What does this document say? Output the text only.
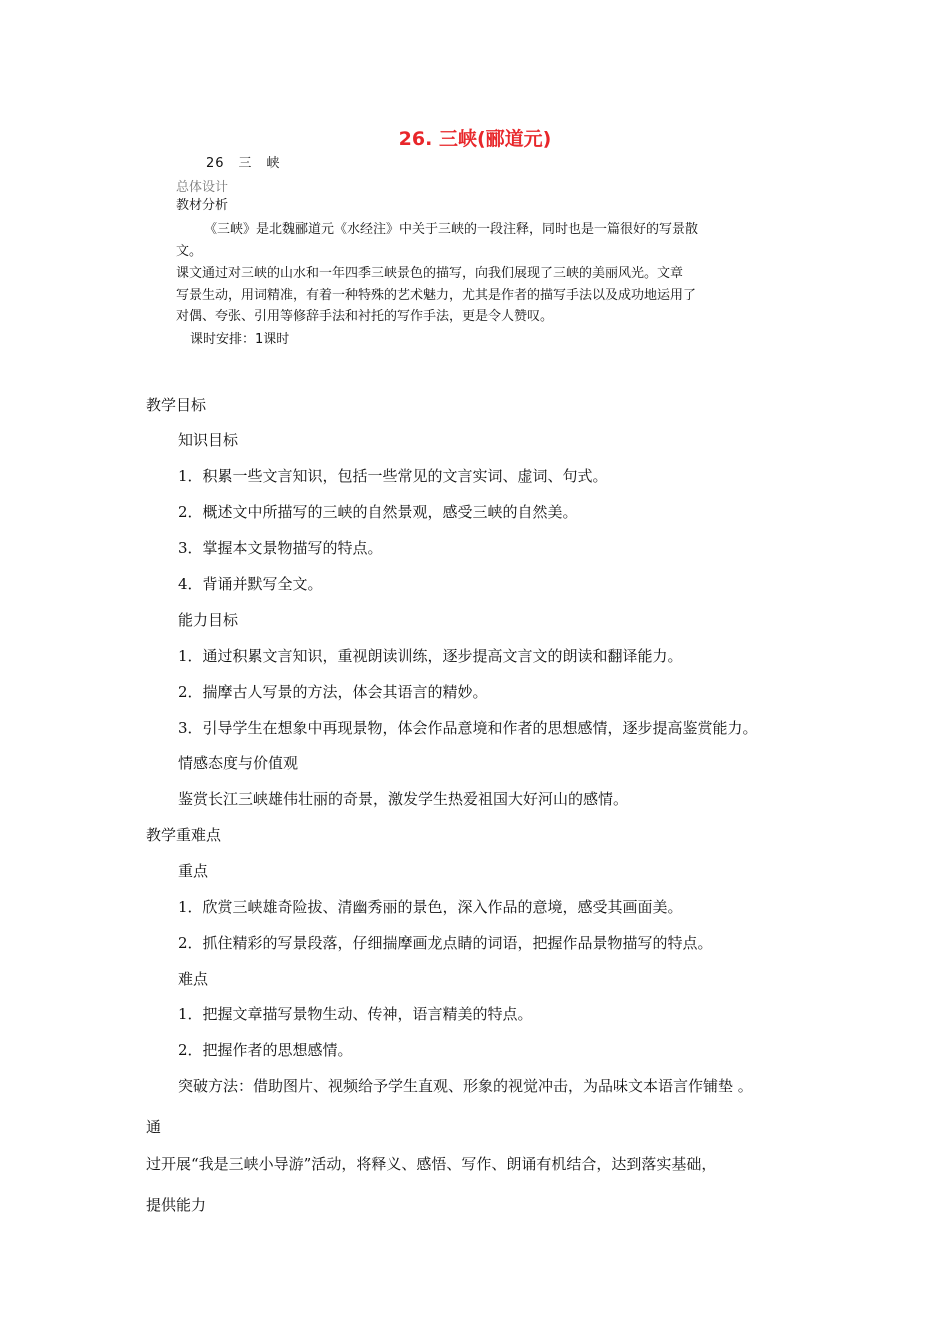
26. 三峡(郦道元)
26　三　峡
总体设计
教材分析
《三峡》是北魏郦道元《水经注》中关于三峡的一段注释，同时也是一篇很好的写景散
文。
课文通过对三峡的山水和一年四季三峡景色的描写，向我们展现了三峡的美丽风光。文章
写景生动，用词精准，有着一种特殊的艺术魅力，尤其是作者的描写手法以及成功地运用了
对偶、夸张、引用等修辞手法和衬托的写作手法，更是令人赞叹。
课时安排：1课时
教学目标
知识目标
1．积累一些文言知识，包括一些常见的文言实词、虚词、句式。
2．概述文中所描写的三峡的自然景观，感受三峡的自然美。
3．掌握本文景物描写的特点。
4．背诵并默写全文。
能力目标
1．通过积累文言知识，重视朗读训练，逐步提高文言文的朗读和翻译能力。
2．揣摩古人写景的方法，体会其语言的精妙。
3．引导学生在想象中再现景物，体会作品意境和作者的思想感情，逐步提高鉴赏能力。
情感态度与价值观
鉴赏长江三峡雄伟壮丽的奇景，激发学生热爱祖国大好河山的感情。
教学重难点
重点
1．欣赏三峡雄奇险拔、清幽秀丽的景色，深入作品的意境，感受其画面美。
2．抓住精彩的写景段落，仔细揣摩画龙点睛的词语，把握作品景物描写的特点。
难点
1．把握文章描写景物生动、传神，语言精美的特点。
2．把握作者的思想感情。
突破方法：借助图片、视频给予学生直观、形象的视觉冲击，为品味文本语言作铺垫 。
通
过开展“我是三峡小导游”活动，将释义、感悟、写作、朗诵有机结合，达到落实基础，
提供能力
